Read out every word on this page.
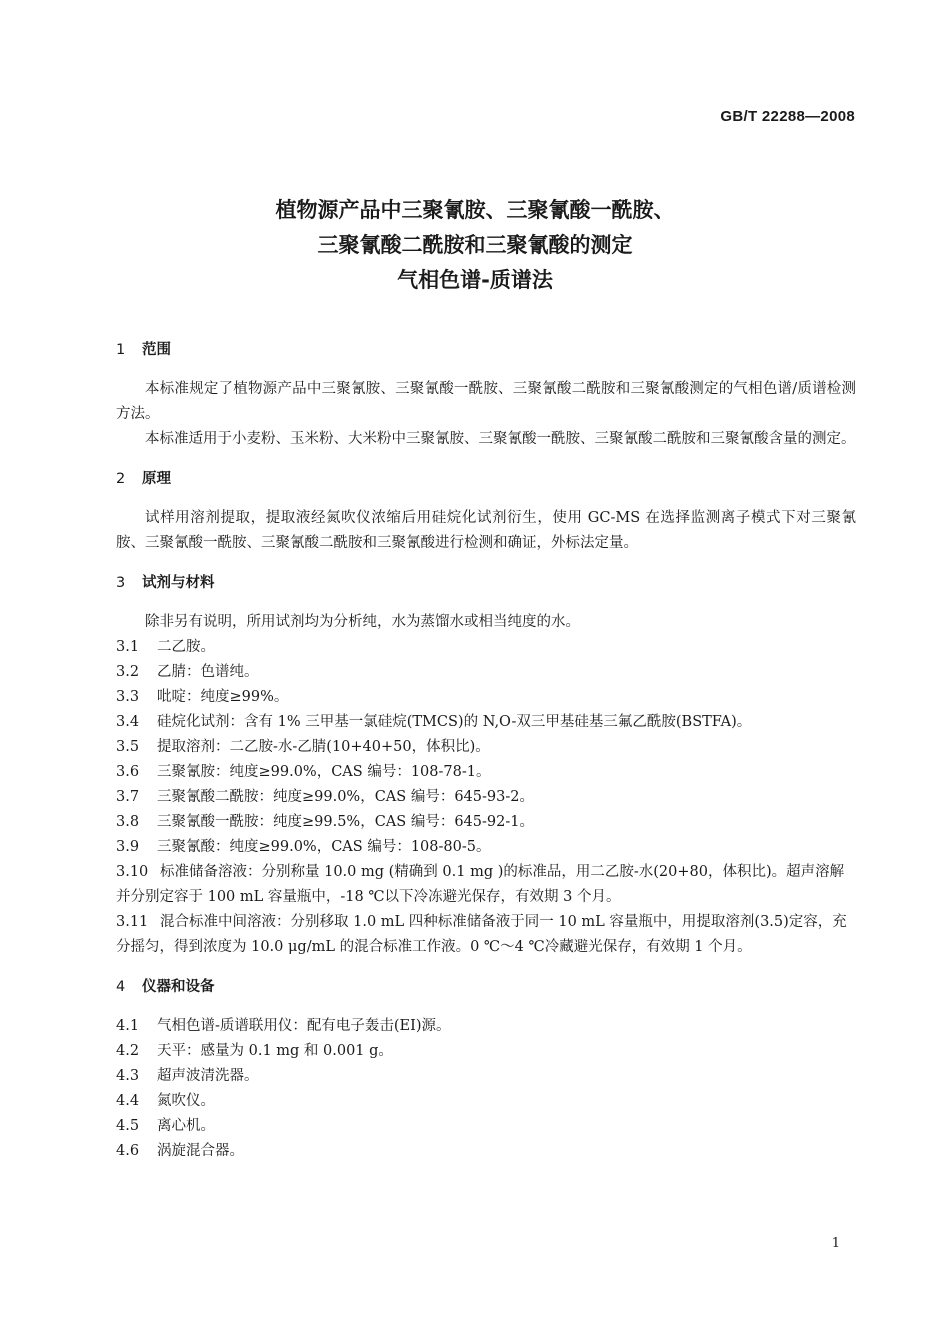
GB/T 22288—2008
植物源产品中三聚氰胺、三聚氰酸一酰胺、
三聚氰酸二酰胺和三聚氰酸的测定
气相色谱-质谱法
1 范围
本标准规定了植物源产品中三聚氰胺、三聚氰酸一酰胺、三聚氰酸二酰胺和三聚氰酸测定的气相色谱/质谱检测方法。
本标准适用于小麦粉、玉米粉、大米粉中三聚氰胺、三聚氰酸一酰胺、三聚氰酸二酰胺和三聚氰酸含量的测定。
2 原理
试样用溶剂提取，提取液经氮吹仪浓缩后用硅烷化试剂衍生，使用 GC-MS 在选择监测离子模式下对三聚氰胺、三聚氰酸一酰胺、三聚氰酸二酰胺和三聚氰酸进行检测和确证，外标法定量。
3 试剂与材料
除非另有说明，所用试剂均为分析纯，水为蒸馏水或相当纯度的水。
3.1 二乙胺。
3.2 乙腈：色谱纯。
3.3 吡啶：纯度≥99%。
3.4 硅烷化试剂：含有 1% 三甲基一氯硅烷(TMCS)的 N,O-双三甲基硅基三氟乙酰胺(BSTFA)。
3.5 提取溶剂：二乙胺-水-乙腈(10+40+50，体积比)。
3.6 三聚氰胺：纯度≥99.0%，CAS 编号：108-78-1。
3.7 三聚氰酸二酰胺：纯度≥99.0%，CAS 编号：645-93-2。
3.8 三聚氰酸一酰胺：纯度≥99.5%，CAS 编号：645-92-1。
3.9 三聚氰酸：纯度≥99.0%，CAS 编号：108-80-5。
3.10 标准储备溶液：分别称量 10.0 mg (精确到 0.1 mg )的标准品，用二乙胺-水(20+80，体积比)。超声溶解并分别定容于 100 mL 容量瓶中，-18 ℃以下冷冻避光保存，有效期 3 个月。
3.11 混合标准中间溶液：分别移取 1.0 mL 四种标准储备液于同一 10 mL 容量瓶中，用提取溶剂(3.5)定容，充分摇匀，得到浓度为 10.0 μg/mL 的混合标准工作液。0 ℃～4 ℃冷藏避光保存，有效期 1 个月。
4 仪器和设备
4.1 气相色谱-质谱联用仪：配有电子轰击(EI)源。
4.2 天平：感量为 0.1 mg 和 0.001 g。
4.3 超声波清洗器。
4.4 氮吹仪。
4.5 离心机。
4.6 涡旋混合器。
1
